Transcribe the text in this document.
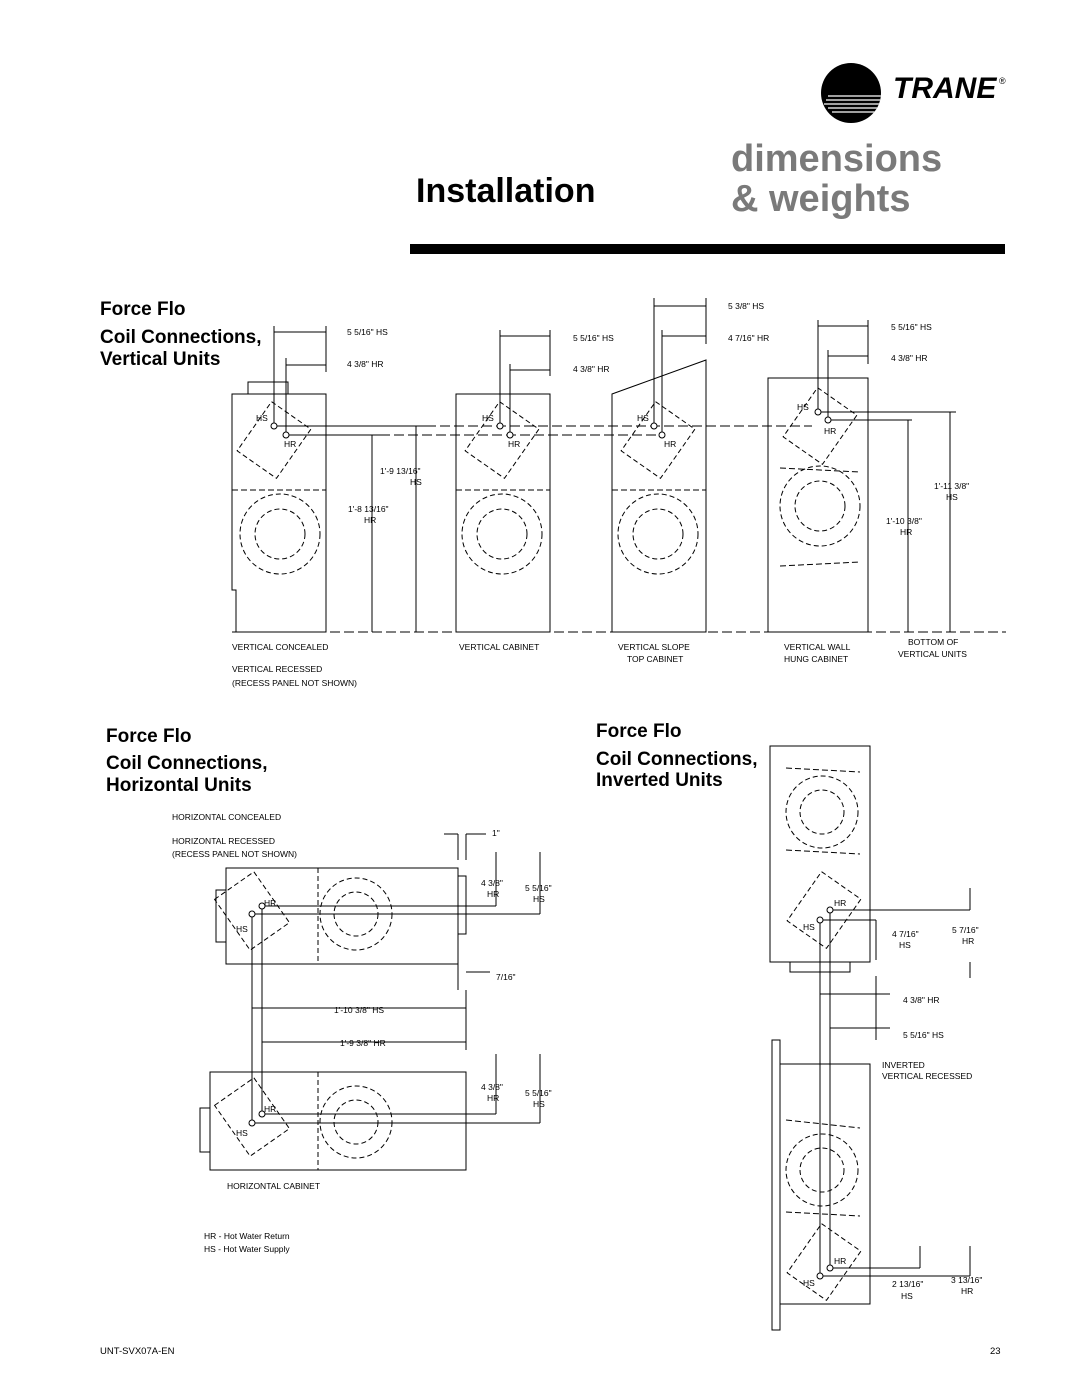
TRANE ®
Installation
dimensions
& weights
Force Flo
Coil Connections,
Vertical Units
5 5/16" HS
4 3/8" HR
5 5/16" HS
4 3/8" HR
5 3/8" HS
4 7/16" HR
5 5/16" HS
4 3/8" HR
HS
HR
HS
HR
HS
HR
HS
HR
1'-9 13/16"
HS
1'-8 13/16"
HR
1'-11 3/8"
HS
1'-10 3/8"
HR
VERTICAL CONCEALED
VERTICAL RECESSED
(RECESS PANEL NOT SHOWN)
VERTICAL CABINET	VERTICAL SLOPE
TOP CABINET
VERTICAL WALL
HUNG CABINET
BOTTOM OF
VERTICAL UNITS
Force Flo
Coil Connections,
Horizontal Units
HORIZONTAL CONCEALED
HORIZONTAL RECESSED
(RECESS PANEL NOT SHOWN)
1"
4 3/8"
HR
5 5/16"
HS
HR
HS
7/16"
1'-10 3/8" HS
1'-9 3/8" HR
4 3/8"
HR	5 5/16"
HS
HR
HS
HORIZONTAL CABINET
HR - Hot Water Return
HS - Hot Water Supply
Force Flo
Coil Connections,
Inverted Units
HR
HS
4 7/16"
HS
5 7/16"
HR
4 3/8" HR
5 5/16" HS
INVERTED
VERTICAL RECESSED
HR
HS	2 13/16"
HS
3 13/16"
HR
UNT-SVX07A-EN	23
